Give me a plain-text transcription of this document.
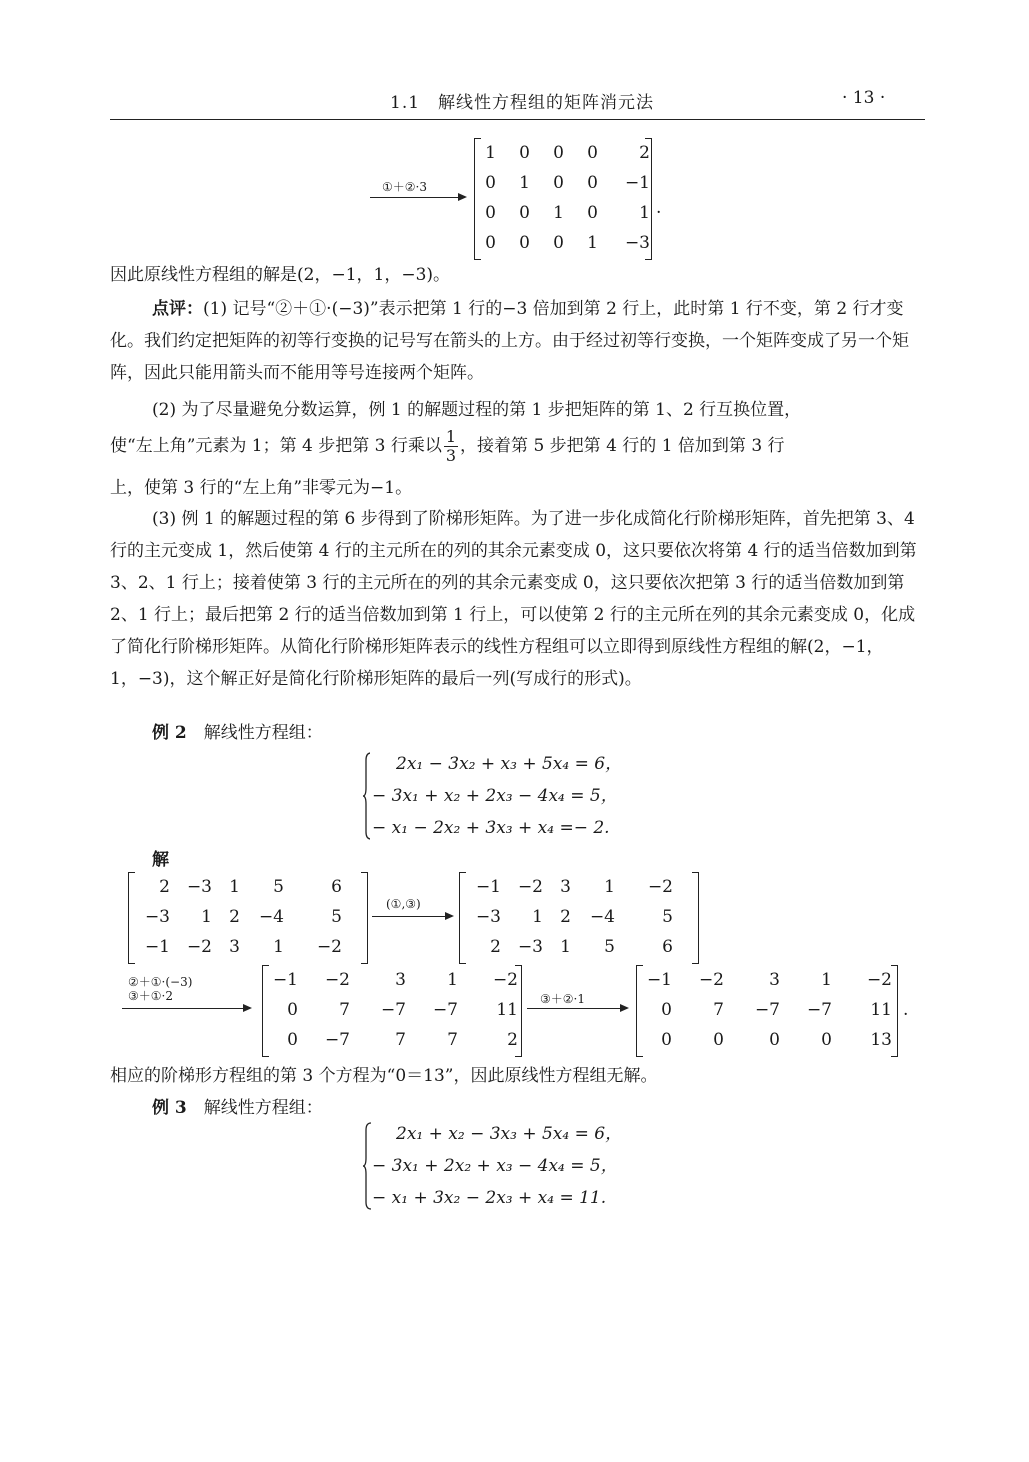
1.1　解线性方程组的矩阵消元法	· 13 ·
①＋②·3
1	0	0	0	2
0	1	0	0	−1
0	0	1	0	1
0	0	0	1	−3
.
因此原线性方程组的解是(2，−1，1，−3)。
点评：(1) 记号“②＋①·(−3)”表示把第 1 行的−3 倍加到第 2 行上，此时第 1 行不变，第 2 行才变化。我们约定把矩阵的初等行变换的记号写在箭头的上方。由于经过初等行变换，一个矩阵变成了另一个矩阵，因此只能用箭头而不能用等号连接两个矩阵。
(2) 为了尽量避免分数运算，例 1 的解题过程的第 1 步把矩阵的第 1、2 行互换位置，
使“左上角”元素为 1；第 4 步把第 3 行乘以 $\frac{1}{3}$ ，接着第 5 步把第 4 行的 1 倍加到第 3 行
上，使第 3 行的“左上角”非零元为−1。
(3) 例 1 的解题过程的第 6 步得到了阶梯形矩阵。为了进一步化成简化行阶梯形矩阵，首先把第 3、4 行的主元变成 1，然后使第 4 行的主元所在的列的其余元素变成 0，这只要依次将第 4 行的适当倍数加到第 3、2、1 行上；接着使第 3 行的主元所在的列的其余元素变成 0，这只要依次把第 3 行的适当倍数加到第 2、1 行上；最后把第 2 行的适当倍数加到第 1 行上，可以使第 2 行的主元所在列的其余元素变成 0，化成了简化行阶梯形矩阵。从简化行阶梯形矩阵表示的线性方程组可以立即得到原线性方程组的解(2，−1，1，−3)，这个解正好是简化行阶梯形矩阵的最后一列(写成行的形式)。
例 2　 解线性方程组：
2x₁ − 3x₂ + x₃ + 5x₄ = 6，
− 3x₁ + x₂ + 2x₃ − 4x₄ = 5，
− x₁ − 2x₂ + 3x₃ + x₄ =− 2.
解
2	−3	1	5	6
−3	1	2	−4	5
−1	−2	3	1	−2
(①,③)
−1	−2	3	1	−2
−3	1	2	−4	5
2	−3	1	5	6
②＋①·(−3)
③＋①·2
−1	−2	3	1	−2
0	7	−7	−7	11
0	−7	7	7	2
③＋②·1
−1	−2	3	1	−2
0	7	−7	−7	11
0	0	0	0	13
.
相应的阶梯形方程组的第 3 个方程为“0＝13”，因此原线性方程组无解。
例 3　 解线性方程组：
2x₁ + x₂ − 3x₃ + 5x₄ = 6，
− 3x₁ + 2x₂ + x₃ − 4x₄ = 5，
− x₁ + 3x₂ − 2x₃ + x₄ = 11.
